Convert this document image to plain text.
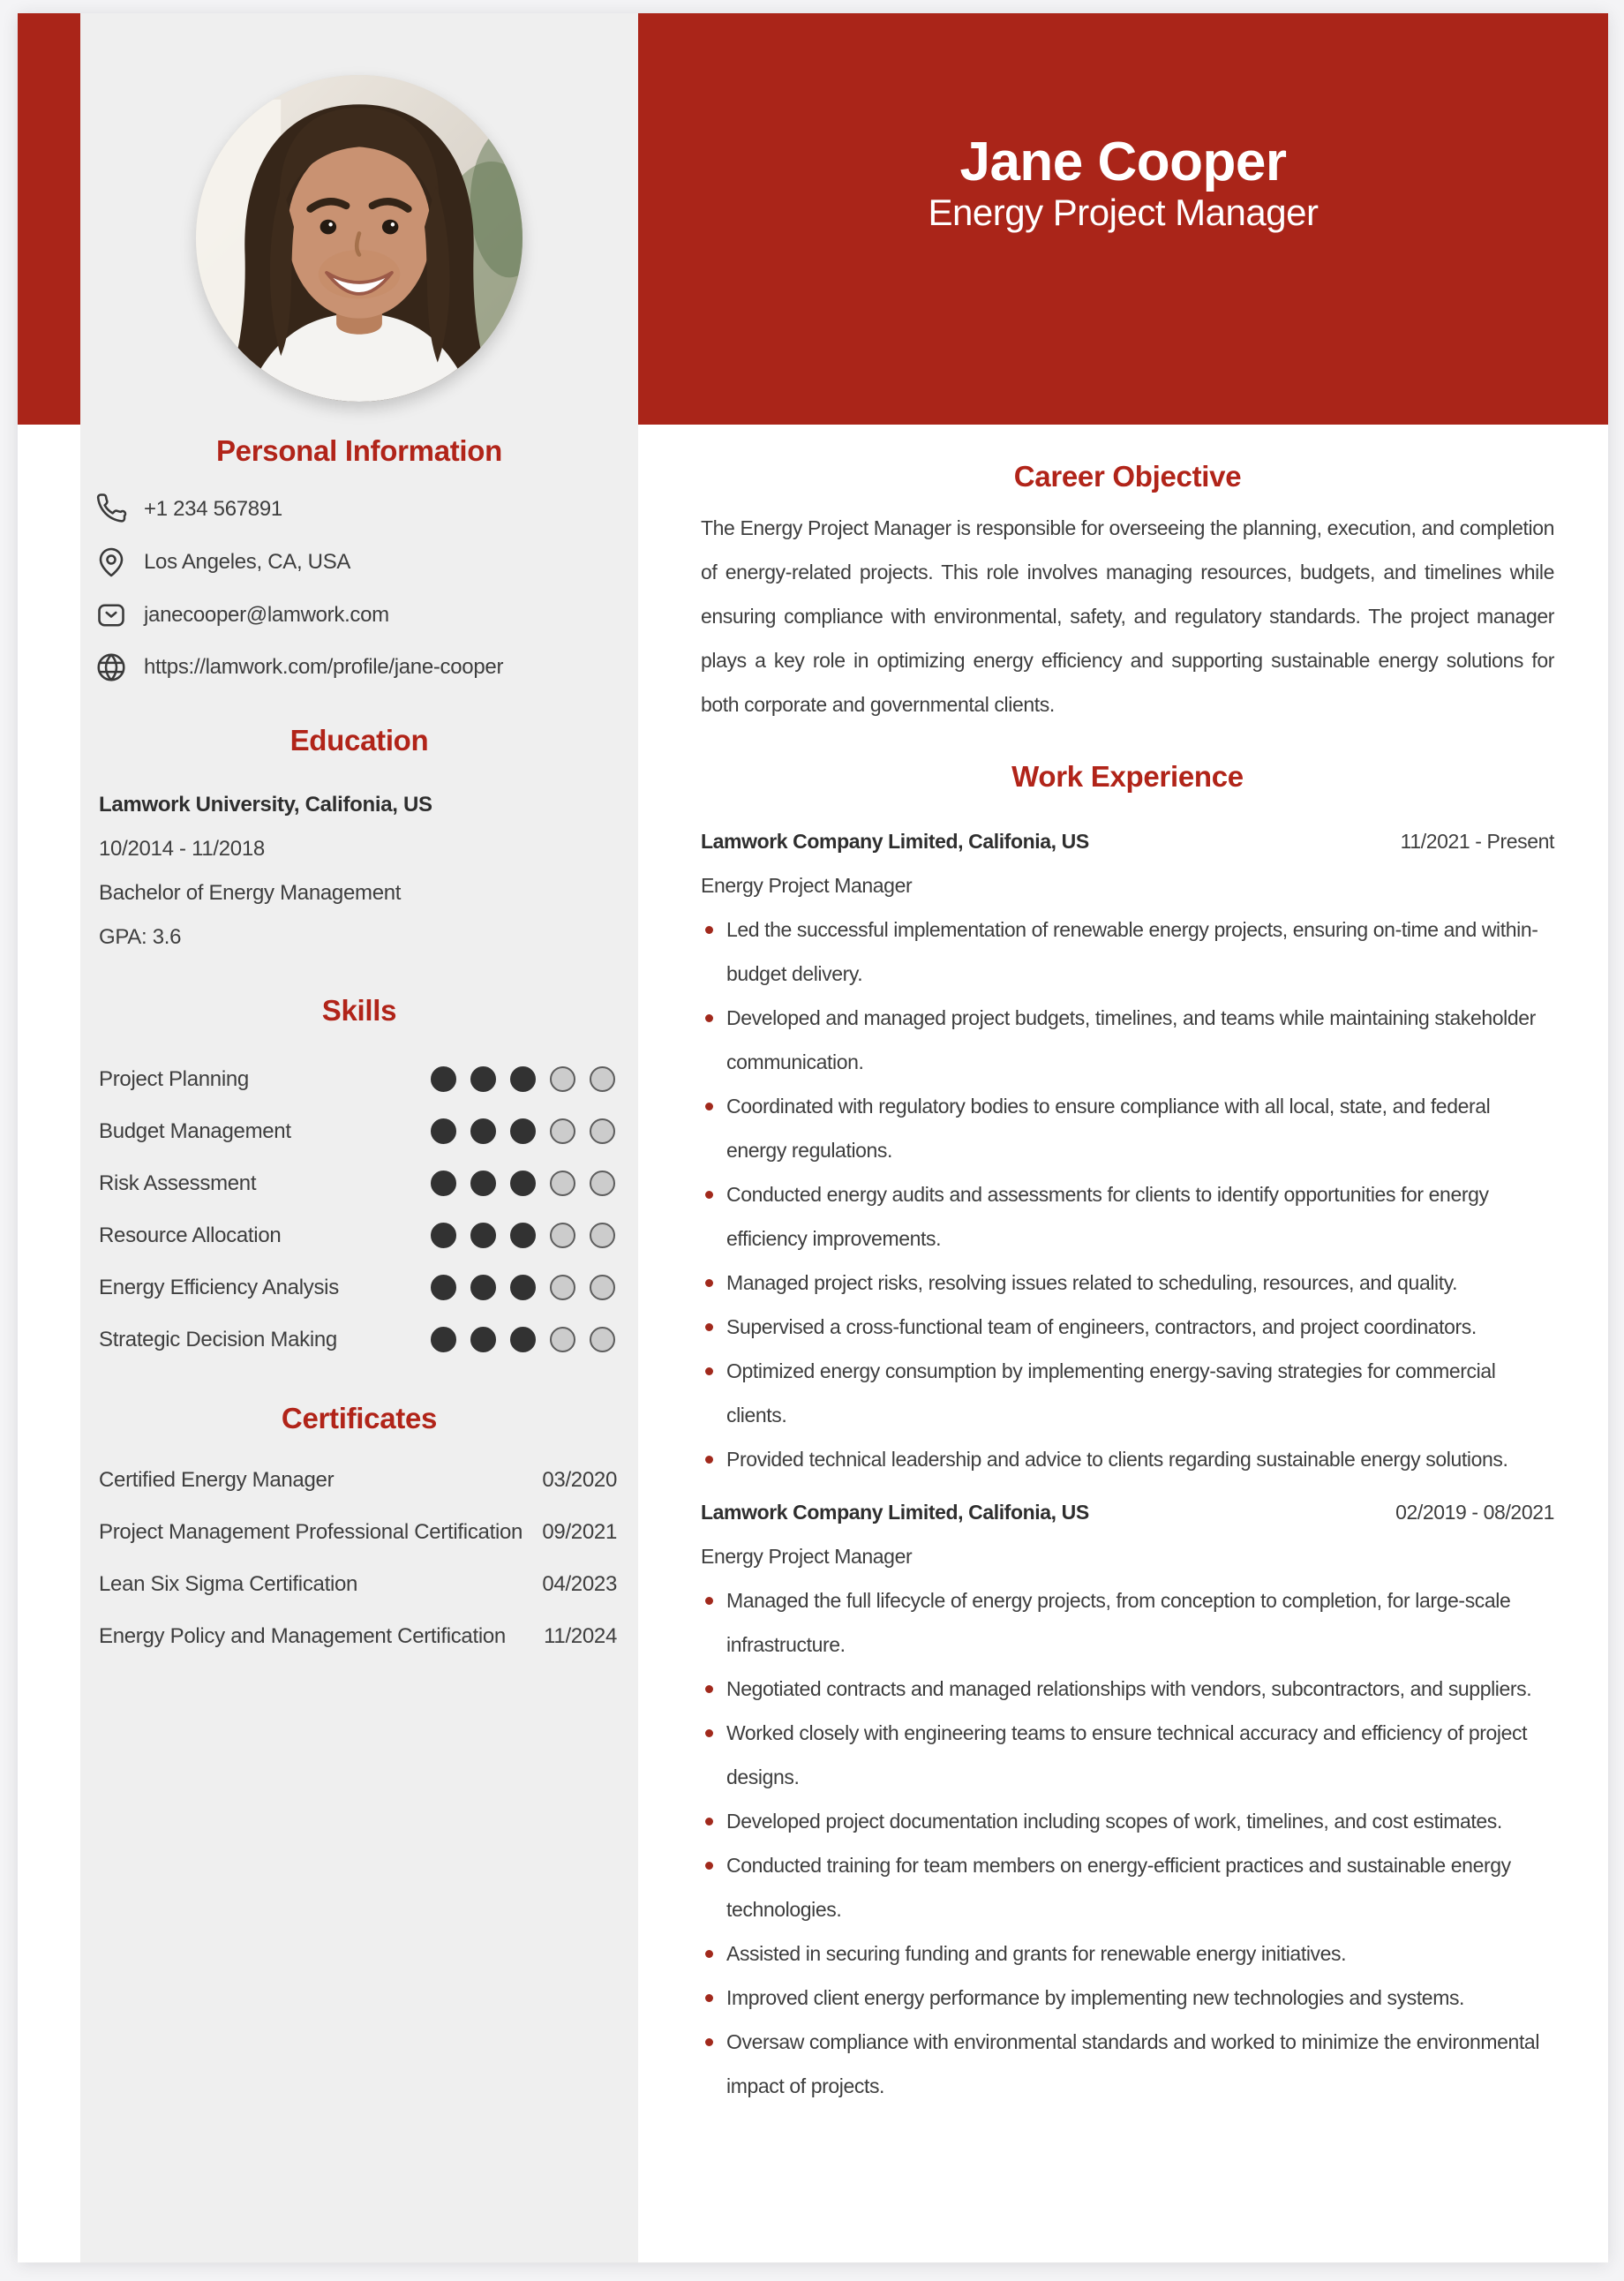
Personal Information
+1 234 567891
Los Angeles, CA, USA
janecooper@lamwork.com
https://lamwork.com/profile/jane-cooper
Education
Lamwork University, Califonia, US
10/2014 - 11/2018
Bachelor of Energy Management
GPA: 3.6
Skills
Project Planning
Budget Management
Risk Assessment
Resource Allocation
Energy Efficiency Analysis
Strategic Decision Making
Certificates
Certified Energy Manager	03/2020
Project Management Professional Certification 09/2021
Lean Six Sigma Certification	04/2023
Energy Policy and Management Certification 11/2024
Jane Cooper
Energy Project Manager
Career Objective

The Energy Project Manager is responsible for overseeing the planning, execution, and completion of energy-related projects. This role involves managing resources, budgets, and timelines while ensuring compliance with environmental, safety, and regulatory standards. The project manager plays a key role in optimizing energy efficiency and supporting sustainable energy solutions for both corporate and governmental clients.

Work Experience
Lamwork Company Limited, Califonia, US	11/2021 - Present
Energy Project Manager
Led the successful implementation of renewable energy projects, ensuring on-time and within-budget delivery.
Developed and managed project budgets, timelines, and teams while maintaining stakeholder communication.
Coordinated with regulatory bodies to ensure compliance with all local, state, and federal energy regulations.
Conducted energy audits and assessments for clients to identify opportunities for energy efficiency improvements.
Managed project risks, resolving issues related to scheduling, resources, and quality.
Supervised a cross-functional team of engineers, contractors, and project coordinators.
Optimized energy consumption by implementing energy-saving strategies for commercial clients.
Provided technical leadership and advice to clients regarding sustainable energy solutions.
Lamwork Company Limited, Califonia, US	02/2019 - 08/2021
Energy Project Manager
Managed the full lifecycle of energy projects, from conception to completion, for large-scale infrastructure.
Negotiated contracts and managed relationships with vendors, subcontractors, and suppliers.
Worked closely with engineering teams to ensure technical accuracy and efficiency of project designs.
Developed project documentation including scopes of work, timelines, and cost estimates.
Conducted training for team members on energy-efficient practices and sustainable energy technologies.
Assisted in securing funding and grants for renewable energy initiatives.
Improved client energy performance by implementing new technologies and systems.
Oversaw compliance with environmental standards and worked to minimize the environmental impact of projects.
